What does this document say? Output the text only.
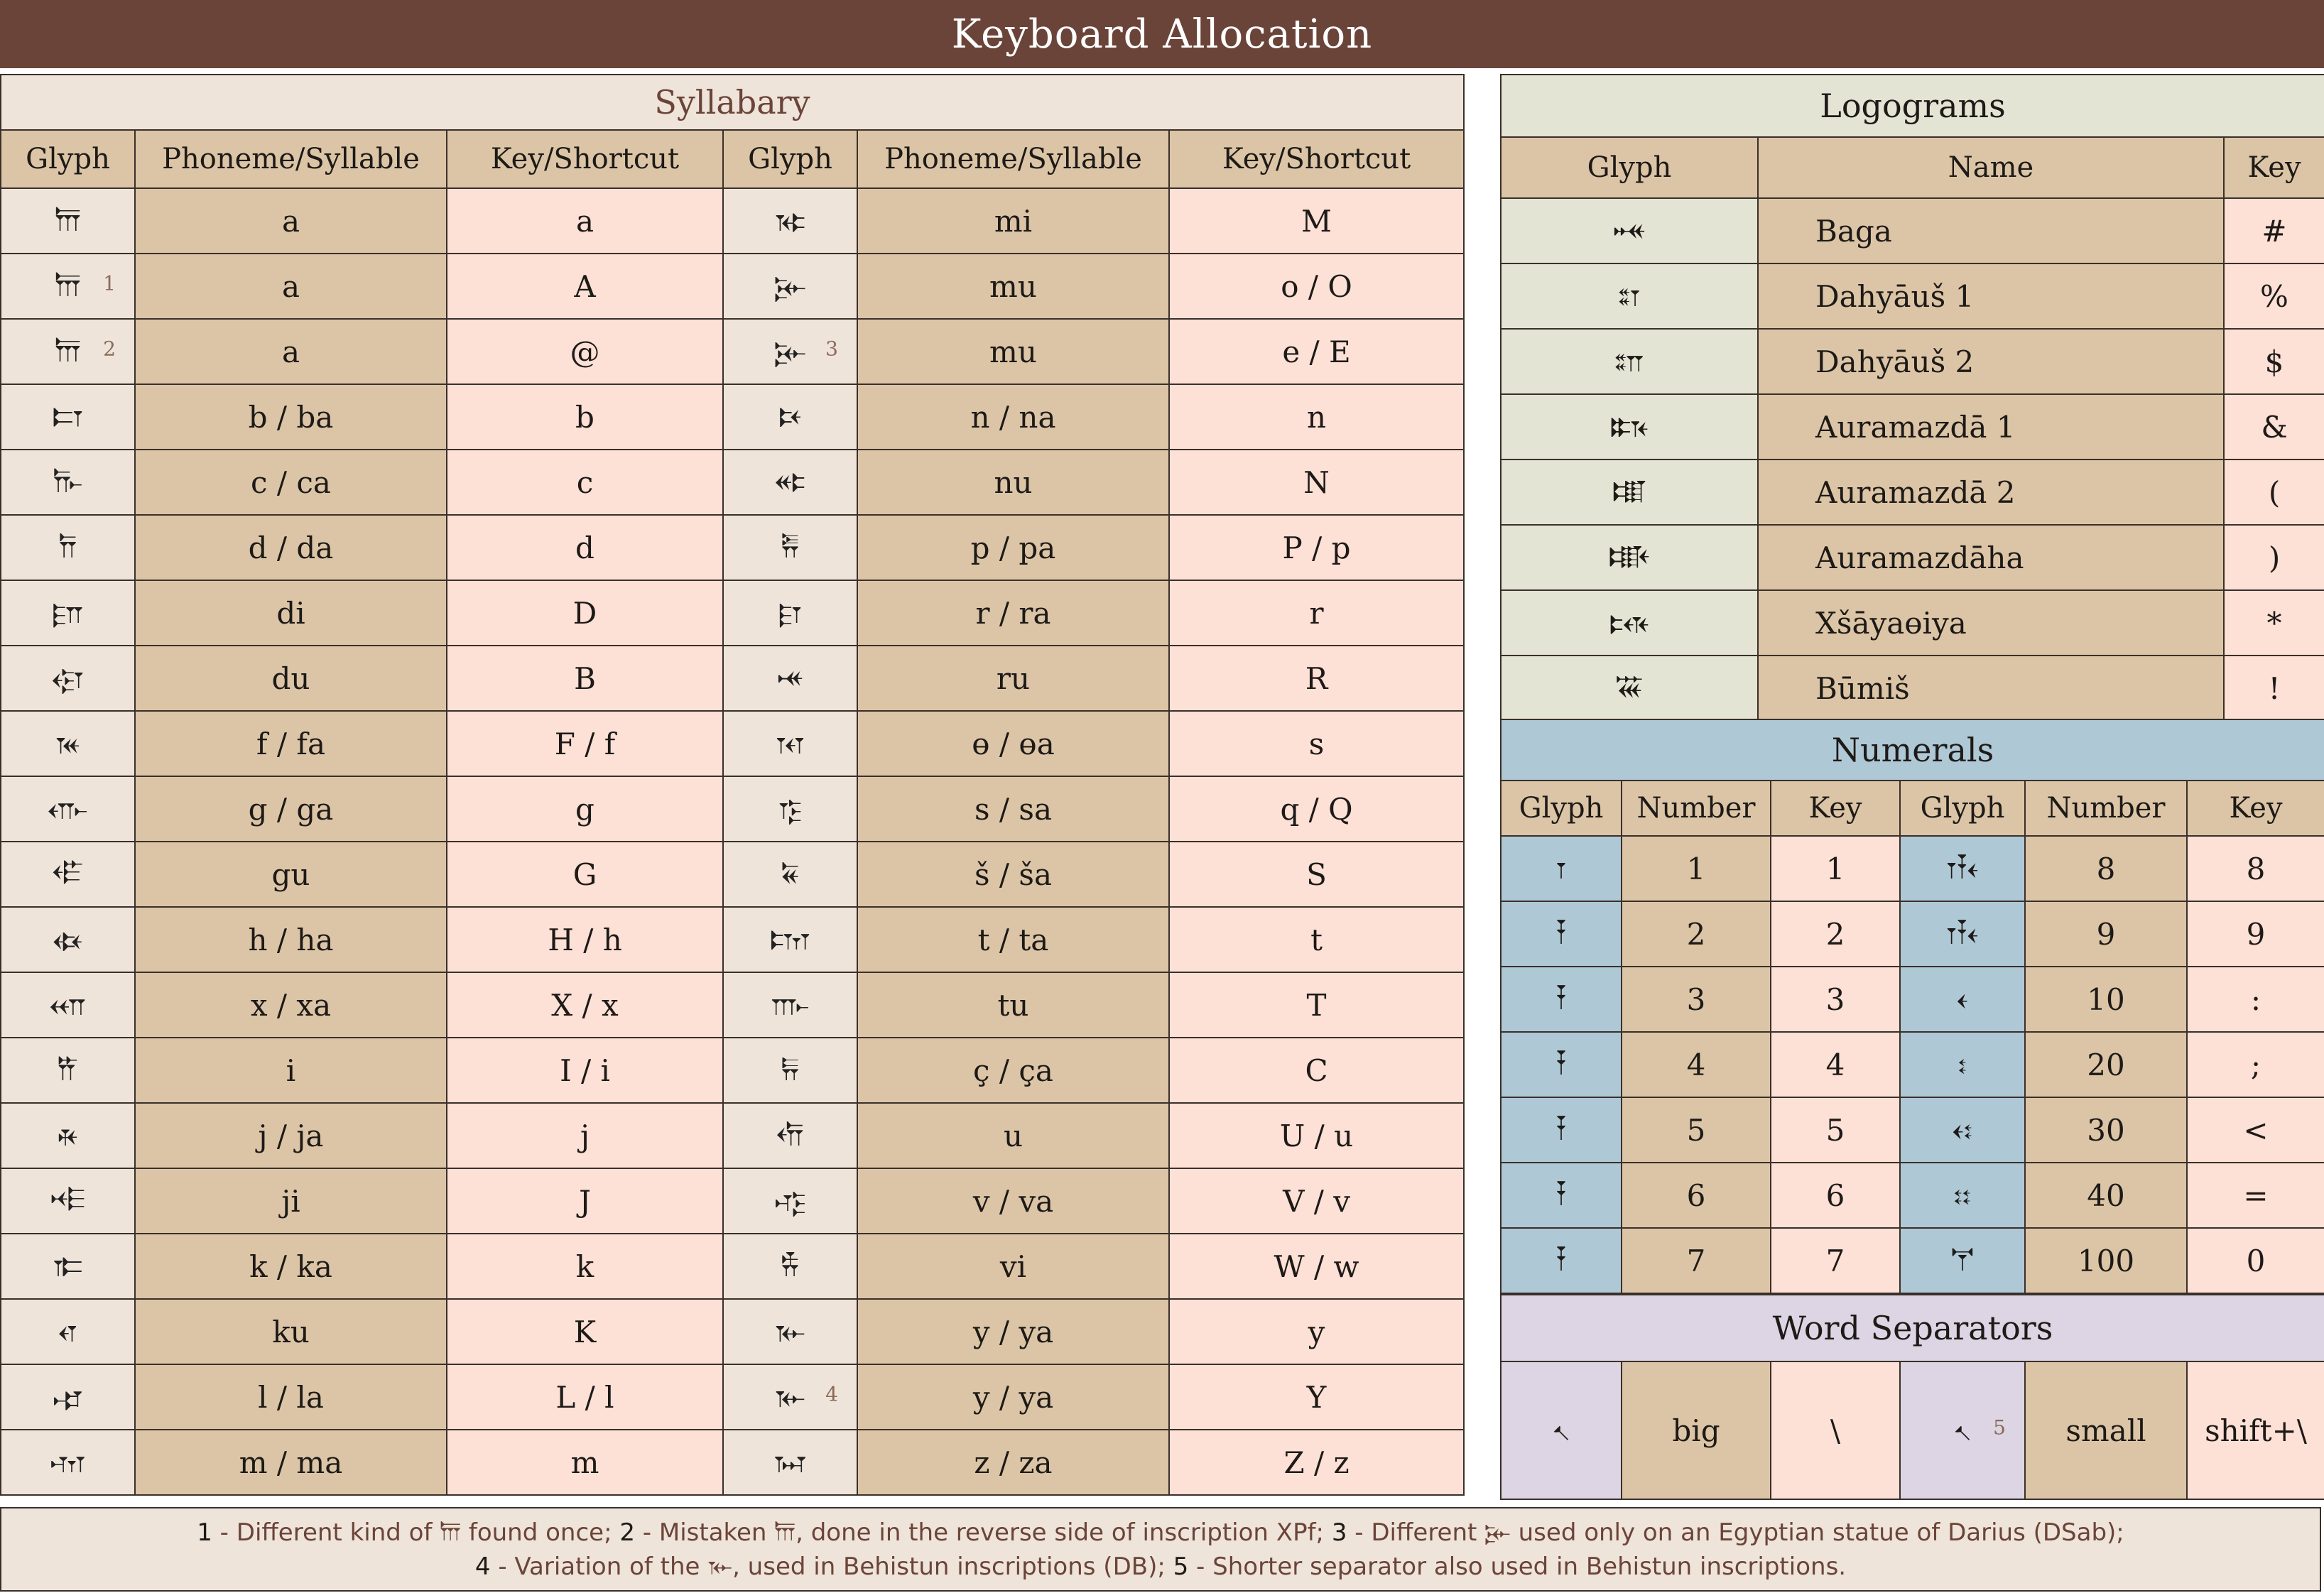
Keyboard Allocation
Syllabary					
Glyph	Phoneme/Syllable	Key/Shortcut	Glyph	Phoneme/Syllable	Key/Shortcut
𐎠	a	a	𐎷	mi	M
𐎠 1	a	A	𐎸	mu	o / O
𐎠 2	a	@	𐎸 3	mu	e / E
𐎲	b / ba	b	𐎴	n / na	n
𐎨	c / ca	c	𐎵	nu	N
𐎭	d / da	d	𐎱	p / pa	P / p
𐎮	di	D	𐎼	r / ra	r
𐎯	du	B	𐎽	ru	R
𐎳	f / fa	F / f	𐎰	ɵ / ɵa	s
𐎥	g / ga	g	𐎿	s / sa	q / Q
𐎦	gu	G	𐏁	š / ša	S
𐏃	h / ha	H / h	𐎫	t / ta	t
𐎧	x / xa	X / x	𐎬	tu	T
𐎡	i	I / i	𐏂	ç / ça	C
𐎩	j / ja	j	𐎢	u	U / u
𐎪	ji	J	𐎺	v / va	V / v
𐎣	k / ka	k	𐎻	vi	W / w
𐎤	ku	K	𐎹	y / ya	y
𐎾	l / la	L / l	𐎹 4	y / ya	Y
𐎶	m / ma	m	𐏀	z / za	Z / z
Logograms		
Glyph	Name	Key
𐏎	Baga	#
𐏌	Dahyāuš 1	%
𐏍	Dahyāuš 2	$
𐏈	Auramazdā 1	&
𐏉	Auramazdā 2	(
𐏊	Auramazdāha	)
𐏋	Xšāyaɵiya	*
𐏏	Būmiš	!
Numerals					
Glyph	Number	Key	Glyph	Number	Key
𐏑	1	1	𐏑𐏒𐏓	8	8
𐏒	2	2	𐏑𐏒𐏓	9	9
𐏒	3	3	𐏓	10	:
𐏒	4	4	𐏔	20	;
𐏒	5	5	𐏓𐏔	30	<
𐏒	6	6	𐏔𐏔	40	=
𐏒	7	7	𐏕	100	0
Word Separators
𐏐	big	\	𐏐 5	small	shift+\
1 - Different kind of 𐎠 found once; 2 - Mistaken 𐎠, done in the reverse side of inscription XPf; 3 - Different 𐎸 used only on an Egyptian statue of Darius (DSab);
4 - Variation of the 𐎹, used in Behistun inscriptions (DB); 5 - Shorter separator also used in Behistun inscriptions.
